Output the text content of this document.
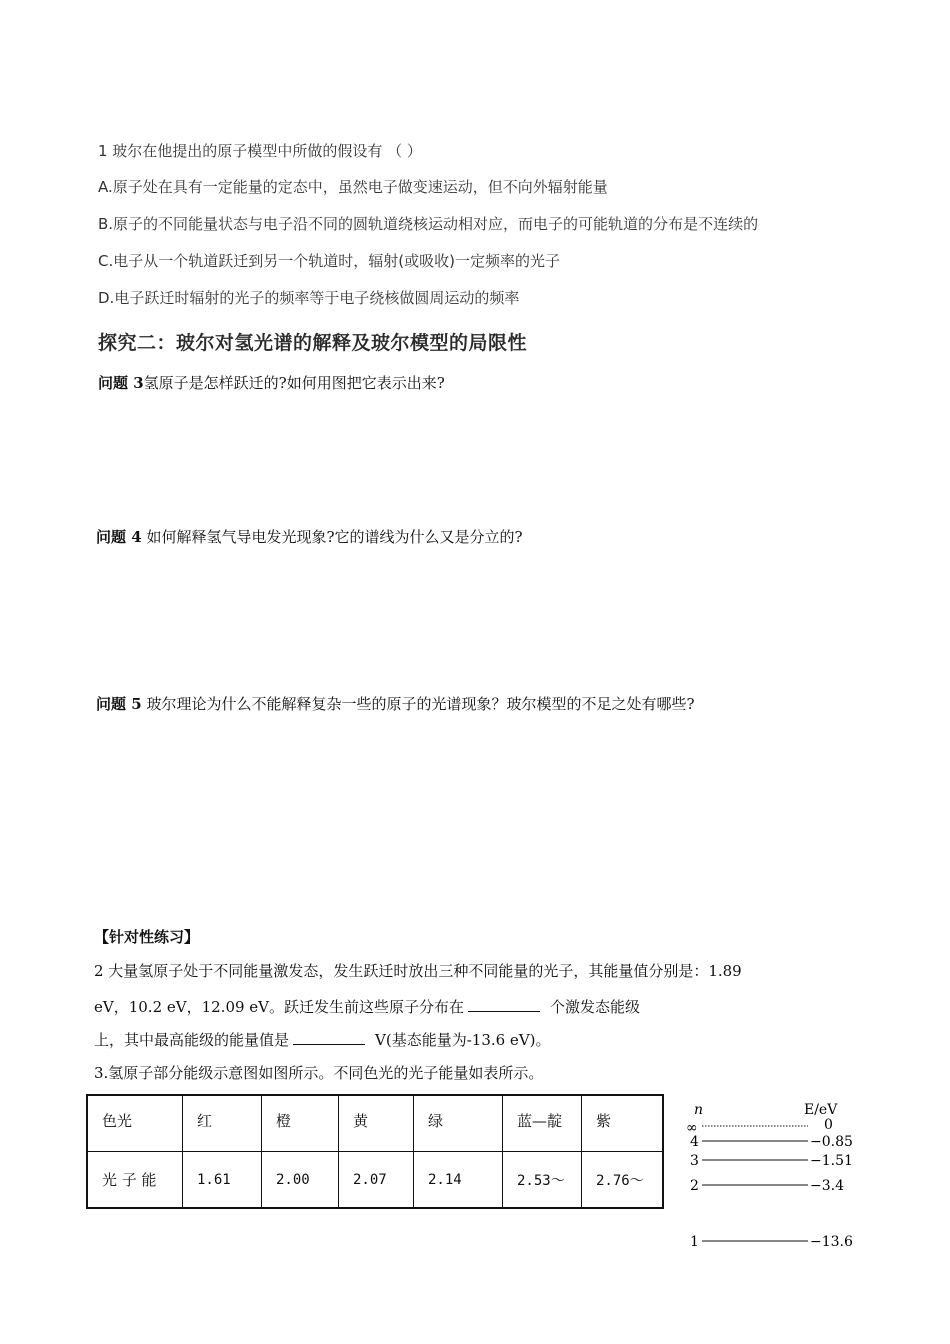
1 玻尔在他提出的原子模型中所做的假设有 （ ）
A.原子处在具有一定能量的定态中，虽然电子做变速运动，但不向外辐射能量
B.原子的不同能量状态与电子沿不同的圆轨道绕核运动相对应，而电子的可能轨道的分布是不连续的
C.电子从一个轨道跃迁到另一个轨道时，辐射(或吸收)一定频率的光子
D.电子跃迁时辐射的光子的频率等于电子绕核做圆周运动的频率
探究二：玻尔对氢光谱的解释及玻尔模型的局限性
问题 3氢原子是怎样跃迁的?如何用图把它表示出来?
问题 4 如何解释氢气导电发光现象?它的谱线为什么又是分立的?
问题 5 玻尔理论为什么不能解释复杂一些的原子的光谱现象？玻尔模型的不足之处有哪些?
【针对性练习】
2 大量氢原子处于不同能量激发态，发生跃迁时放出三种不同能量的光子，其能量值分别是：1.89
eV，10.2 eV，12.09 eV。跃迁发生前这些原子分布在	个激发态能级
上，其中最高能级的能量值是	V(基态能量为-13.6 eV)。
3.氢原子部分能级示意图如图所示。不同色光的光子能量如表所示。
色光	红	橙	黄	绿	蓝—靛	紫
光 子 能	1.61	2.00	2.07	2.14	2.53～	2.76～
n	E/eV
∞	0
4	−0.85
3	−1.51
2	−3.4
1	−13.6
